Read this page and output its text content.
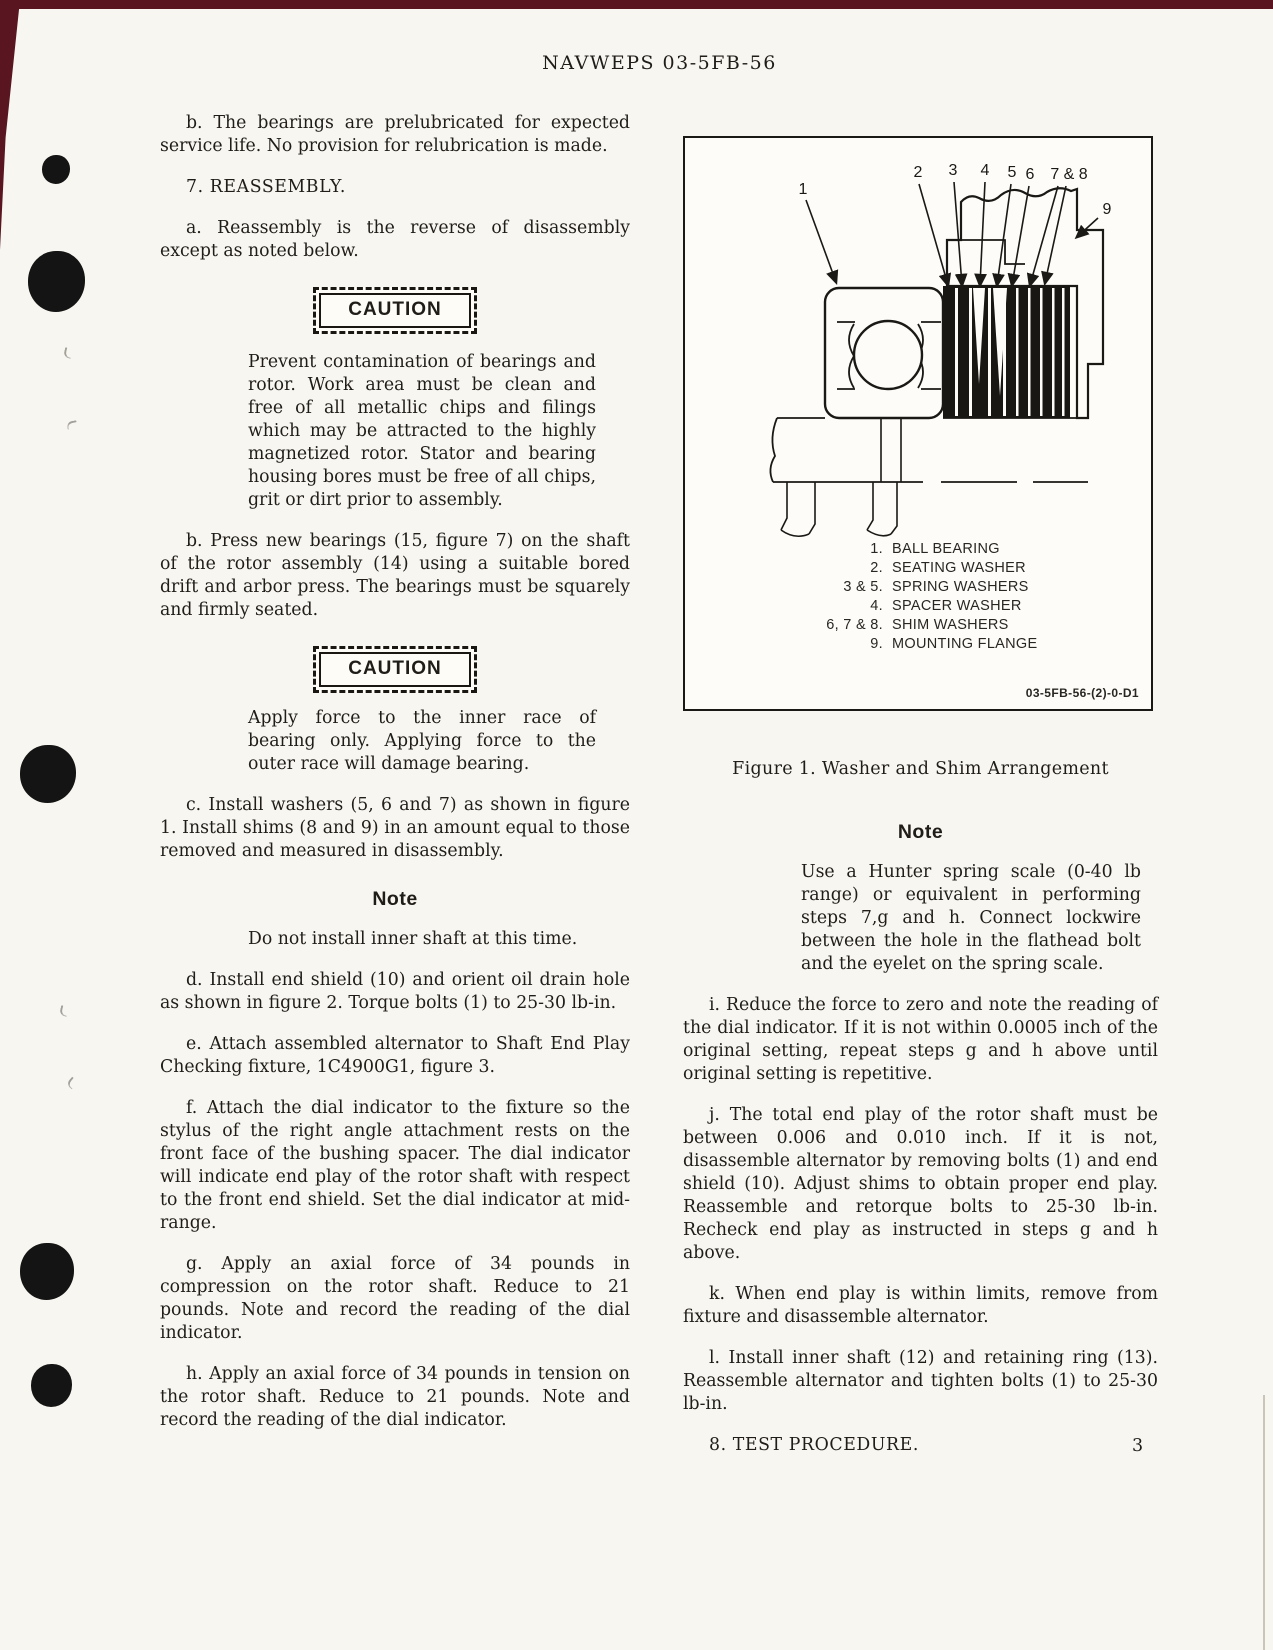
NAVWEPS 03-5FB-56

b. The bearings are prelubricated for expected service life. No provision for relubrication is made.

7. REASSEMBLY.

a. Reassembly is the reverse of disassembly except as noted below.

CAUTION
Prevent contamination of bearings and rotor. Work area must be clean and free of all metallic chips and filings which may be attracted to the highly magnetized rotor. Stator and bearing housing bores must be free of all chips, grit or dirt prior to assembly.

b. Press new bearings (15, figure 7) on the shaft of the rotor assembly (14) using a suitable bored drift and arbor press. The bearings must be squarely and firmly seated.

CAUTION
Apply force to the inner race of bearing only. Applying force to the outer race will damage bearing.

c. Install washers (5, 6 and 7) as shown in figure 1. Install shims (8 and 9) in an amount equal to those removed and measured in disassembly.

Note
Do not install inner shaft at this time.

d. Install end shield (10) and orient oil drain hole as shown in figure 2. Torque bolts (1) to 25-30 lb-in.

e. Attach assembled alternator to Shaft End Play Checking fixture, 1C4900G1, figure 3.

f. Attach the dial indicator to the fixture so the stylus of the right angle attachment rests on the front face of the bushing spacer. The dial indicator will indicate end play of the rotor shaft with respect to the front end shield. Set the dial indicator at mid-range.

g. Apply an axial force of 34 pounds in compression on the rotor shaft. Reduce to 21 pounds. Note and record the reading of the dial indicator.

h. Apply an axial force of 34 pounds in tension on the rotor shaft. Reduce to 21 pounds. Note and record the reading of the dial indicator.

1
2 3 4 5 6 7 & 8
9
1. BALL BEARING
2. SEATING WASHER
3 & 5. SPRING WASHERS
4. SPACER WASHER
6, 7 & 8. SHIM WASHERS
9. MOUNTING FLANGE
03-5FB-56-(2)-0-D1
Figure 1. Washer and Shim Arrangement
Note
Use a Hunter spring scale (0-40 lb range) or equivalent in performing steps 7,g and h. Connect lockwire between the hole in the flathead bolt and the eyelet on the spring scale.

i. Reduce the force to zero and note the reading of the dial indicator. If it is not within 0.0005 inch of the original setting, repeat steps g and h above until original setting is repetitive.

j. The total end play of the rotor shaft must be between 0.006 and 0.010 inch. If it is not, disassemble alternator by removing bolts (1) and end shield (10). Adjust shims to obtain proper end play. Reassemble and retorque bolts to 25-30 lb-in. Recheck end play as instructed in steps g and h above.

k. When end play is within limits, remove from fixture and disassemble alternator.

l. Install inner shaft (12) and retaining ring (13). Reassemble alternator and tighten bolts (1) to 25-30 lb-in.

8. TEST PROCEDURE.	3
